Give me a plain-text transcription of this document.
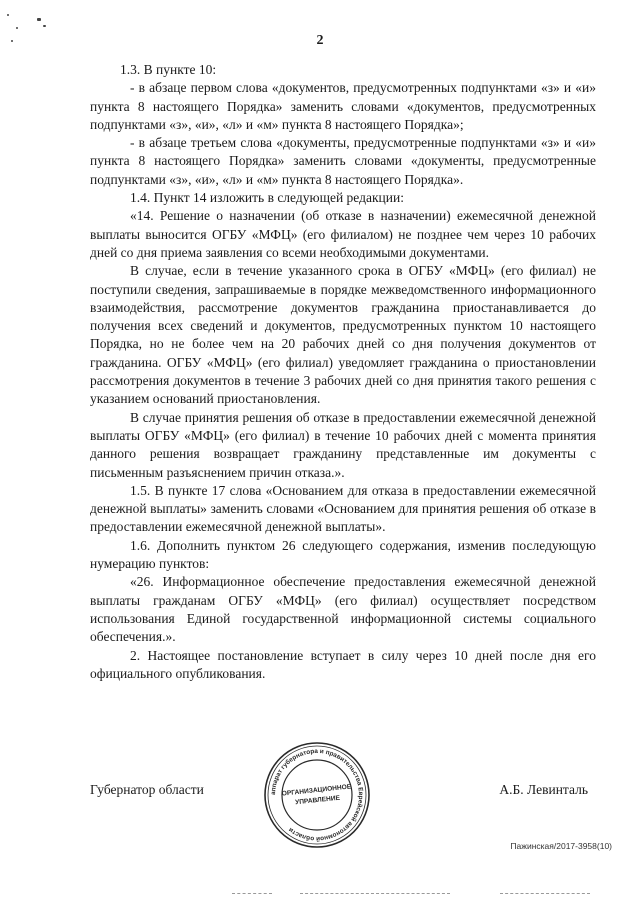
2

1.3. В пункте 10:

- в абзаце первом слова «документов, предусмотренных подпунктами «з» и «и» пункта 8 настоящего Порядка» заменить словами «документов, предусмотренных подпунктами «з», «и», «л» и «м» пункта 8 настоящего Порядка»;

- в абзаце третьем слова «документы, предусмотренные подпунктами «з» и «и» пункта 8 настоящего Порядка» заменить словами «документы, предусмотренные подпунктами «з», «и», «л» и «м» пункта 8 настоящего Порядка».

1.4. Пункт 14 изложить в следующей редакции:

«14. Решение о назначении (об отказе в назначении) ежемесячной денежной выплаты выносится ОГБУ «МФЦ» (его филиалом) не позднее чем через 10 рабочих дней со дня приема заявления со всеми необходимыми документами.

В случае, если в течение указанного срока в ОГБУ «МФЦ» (его филиал) не поступили сведения, запрашиваемые в порядке межведомственного информационного взаимодействия, рассмотрение документов гражданина приостанавливается до получения всех сведений и документов, предусмотренных пунктом 10 настоящего Порядка, но не более чем на 20 рабочих дней со дня получения документов от гражданина. ОГБУ «МФЦ» (его филиал) уведомляет гражданина о приостановлении рассмотрения документов в течение 3 рабочих дней со дня принятия такого решения с указанием оснований приостановления.

В случае принятия решения об отказе в предоставлении ежемесячной денежной выплаты ОГБУ «МФЦ» (его филиал) в течение 10 рабочих дней с момента принятия данного решения возвращает гражданину представленные им документы с письменным разъяснением причин отказа.».

1.5. В пункте 17 слова «Основанием для отказа в предоставлении ежемесячной денежной выплаты» заменить словами «Основанием для принятия решения об отказе в предоставлении ежемесячной денежной выплаты».

1.6. Дополнить пунктом 26 следующего содержания, изменив последующую нумерацию пунктов:

«26. Информационное обеспечение предоставления ежемесячной денежной выплаты гражданам ОГБУ «МФЦ» (его филиал) осуществляет посредством использования Единой государственной информационной системы социального обеспечения.».

2. Настоящее постановление вступает в силу через 10 дней после дня его официального опубликования.

Губернатор области	А.Б. Левинталь
аппарат губернатора и правительства Еврейской автономной области
ОРГАНИЗАЦИОННОЕ
УПРАВЛЕНИЕ
Пажинская/2017-3958(10)
